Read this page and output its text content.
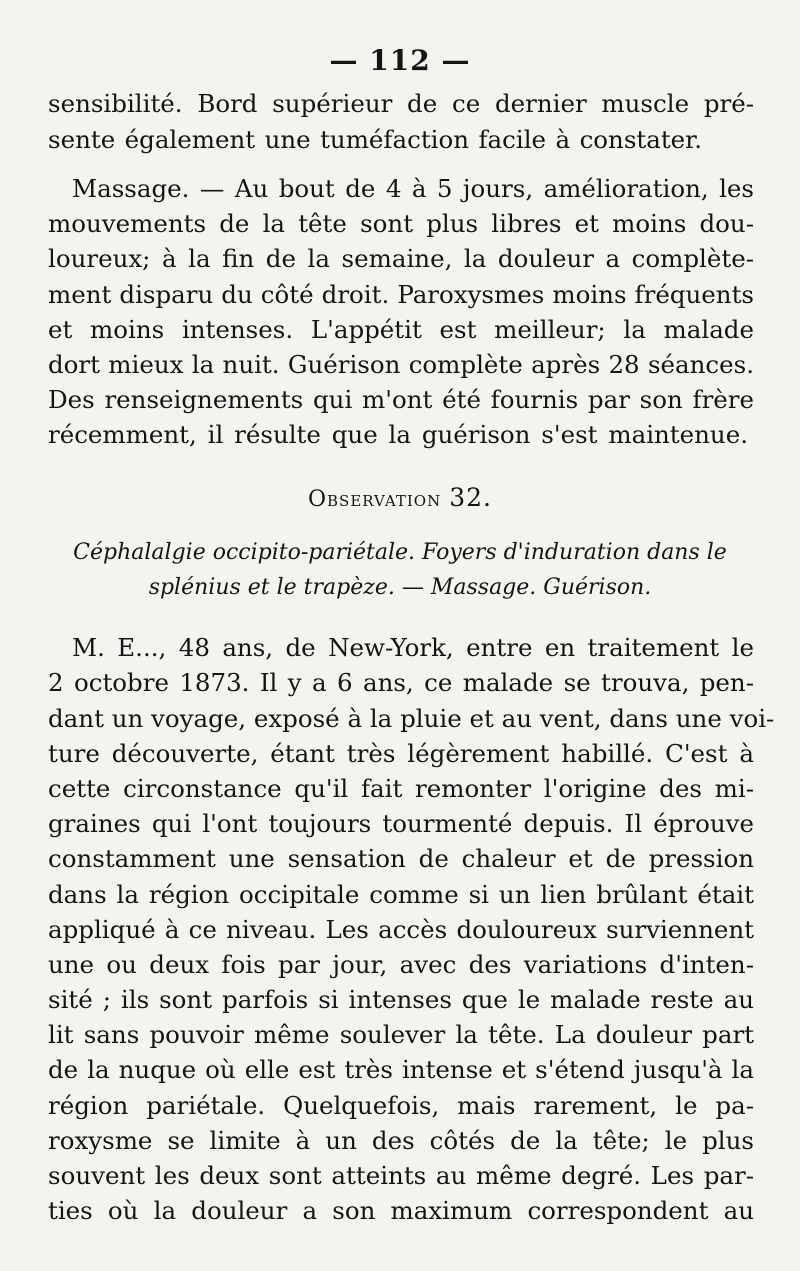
— 112 —
sensibilité. Bord supérieur de ce dernier muscle pré-
sente également une tuméfaction facile à constater.
Massage. — Au bout de 4 à 5 jours, amélioration, les
mouvements de la tête sont plus libres et moins dou-
loureux; à la fin de la semaine, la douleur a complète-
ment disparu du côté droit. Paroxysmes moins fréquents
et moins intenses. L'appétit est meilleur; la malade
dort mieux la nuit. Guérison complète après 28 séances.
Des renseignements qui m'ont été fournis par son frère
récemment, il résulte que la guérison s'est maintenue.
Observation 32.
Céphalalgie occipito-pariétale. Foyers d'induration dans le
splénius et le trapèze. — Massage. Guérison.
M. E..., 48 ans, de New-York, entre en traitement le
2 octobre 1873. Il y a 6 ans, ce malade se trouva, pen-
dant un voyage, exposé à la pluie et au vent, dans une voi-
ture découverte, étant très légèrement habillé. C'est à
cette circonstance qu'il fait remonter l'origine des mi-
graines qui l'ont toujours tourmenté depuis. Il éprouve
constamment une sensation de chaleur et de pression
dans la région occipitale comme si un lien brûlant était
appliqué à ce niveau. Les accès douloureux surviennent
une ou deux fois par jour, avec des variations d'inten-
sité ; ils sont parfois si intenses que le malade reste au
lit sans pouvoir même soulever la tête. La douleur part
de la nuque où elle est très intense et s'étend jusqu'à la
région pariétale. Quelquefois, mais rarement, le pa-
roxysme se limite à un des côtés de la tête; le plus
souvent les deux sont atteints au même degré. Les par-
ties où la douleur a son maximum correspondent au
